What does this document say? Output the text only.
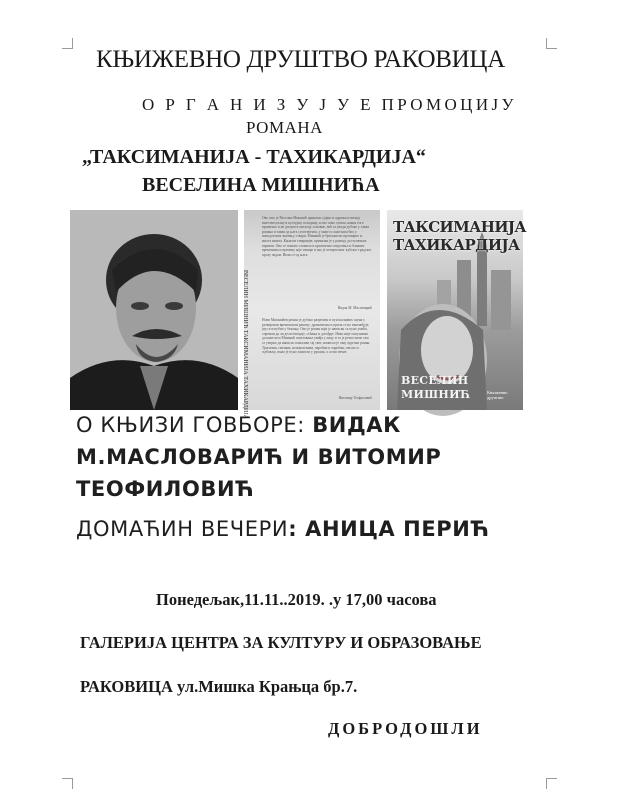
КЊИЖЕВНО ДРУШТВО РАКОВИЦА
О Р Г А Н И З У Ј У Е ПРОМОЦИЈУ
РОМАНА
„ТАКСИМАНИЈА - ТАХИКАРДИЈА“
ВЕСЕЛИНА МИШНИЋА
ВЕСЕЛИН МИШНИЋ ТАКСИМАНИЈА ТАХИКАРДИЈА
Ово што је Веселин Мишнић приказао сјајно и одражало визију интелектуалну и културну позадину, и ово само сушпа, након тога прилично и не допушта читаоцу основне, већ га уводи дубоко у таква романа и таква од њега сусптерента, у много сложе ним био у анекдотском значењу ствари. Мишнић је бриљантно проширио и, многа ништа. Књигом стварнијег, приказан је у развоју доступачких париши. Ово се поново сложила и криптично сведочење и ближим временима и времену које извире и ако је четврточног кубског градског пролу зидам. Ипак се од њега.
Видак М. Масловарић
Нови Мишнићев роман је дубоко разрешен и пун шаљивих сцена у развијеном временском рамену: драматично и прича се не изненеђује, јер се изгубио у бежању. Ово је роман који је написан са пуно умећа, спреман да ли дели емоције, сећања и догађаје. Нико није покушавао да каже што Мишнић поштовање увиђа у лицу и то је ретко чиме сам се уверио да написао пажљиво тај свет, написао је овај чудесни роман. Трагични, смешни, непоновљиви, чаробни и чаробни, писан са љубављу, имао је пуно замисли у рукама, а остао вечит.
Витомир Теофиловић
ТАКСИМАНИЈА
ТАХИКАРДИЈА
ВЕСЕЛИН
МИШНИЋ	Књижевно друштво
О КЊИЗИ ГОВБОРЕ: ВИДАК
М.МАСЛОВАРИЋ И ВИТОМИР
ТЕОФИЛОВИЋ
ДОМАЋИН ВЕЧЕРИ: АНИЦА ПЕРИЋ
Понедељак,11.11..2019. .у 17,00 часова
ГАЛЕРИЈА ЦЕНТРА ЗА КУЛТУРУ И ОБРАЗОВАЊЕ
РАКОВИЦА ул.Мишка Крањца бр.7.
ДОБРОДОШЛИ
